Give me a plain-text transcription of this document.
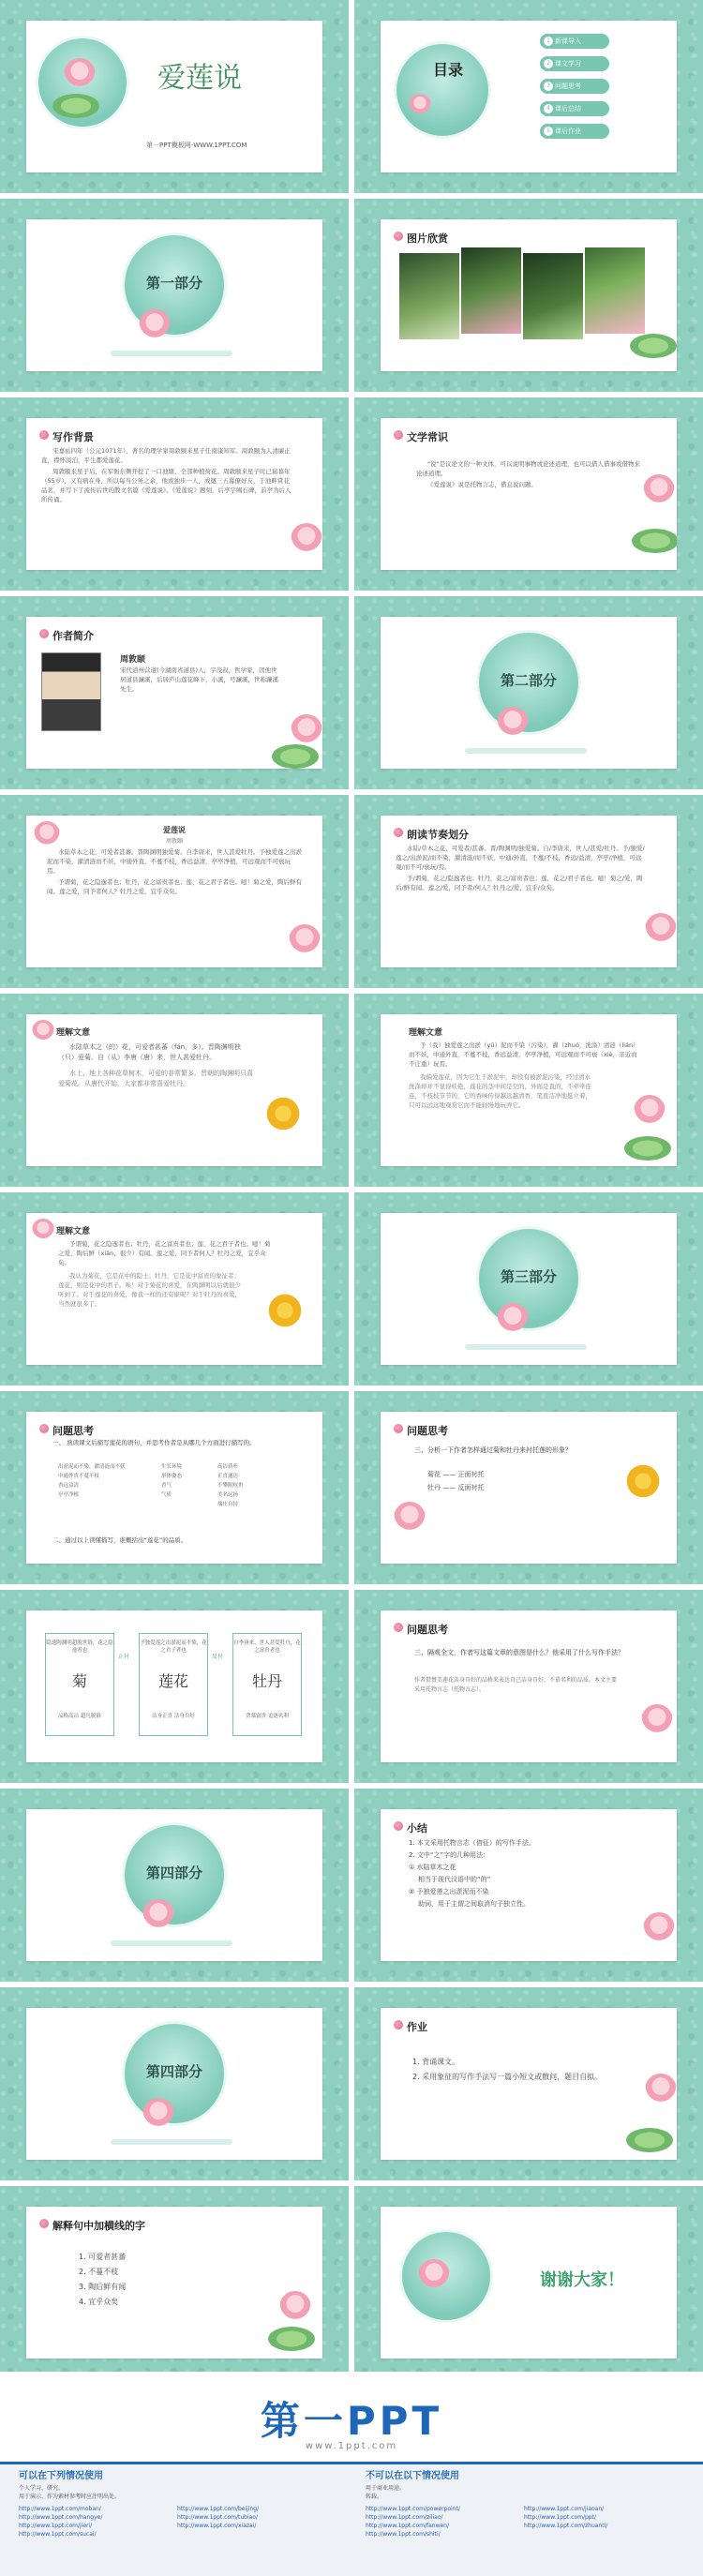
爱莲说
第一PPT模板网-WWW.1PPT.COM
目录
1 新课导入
2 课文学习
3 问题思考
4 课后总结
5 课后作业
第一部分
图片欣赏
写作背景

宋嘉祐四年（公元1071年），著名的理学家周敦颐来星子任南康知军。周敦颐为人清廉正直，襟怀淡泊，平生都爱莲花。

周敦颐来星子后，在军衙东侧开挖了一口池塘，全部种植荷花。周敦颐来星子时已届暮年（55岁），又有病在身，所以每当公务之余，他或独步一人，或邀三五幕僚好友，于池畔赏花品茗，并写下了流传后世的散文名篇《爱莲说》。《爱莲说》题刻，后亭字阙石碑，前亭为后人所传诵。

文学常识

"说"是议论文的一种文体，可以说明事物或论述道理，也可以借人借事或借物来论述道理。

《爱莲说》说是托物言志，借息说问题。

作者简介
周敦颐
宋代道州营道(今湖南省道县)人，字茂叔，哲学家，因他世居道县濂溪，后居庐山莲花峰下，小溪，号濂溪，世称濂溪先生。	第二部分
爱莲说
周敦颐

水陆草木之花，可爱者甚蕃。晋陶渊明独爱菊。自李唐来，世人甚爱牡丹。予独爱莲之出淤泥而不染，濯清涟而不妖，中通外直，不蔓不枝，香远益清，亭亭净植，可远观而不可亵玩焉。

予谓菊，花之隐逸者也；牡丹，花之富贵者也；莲，花之君子者也。噫！菊之爱，陶后鲜有闻。莲之爱，同予者何人？牡丹之爱，宜乎众矣。

朗读节奏划分

水陆/草木之花，可爱者/甚蕃。晋/陶渊明/独爱菊。自/李唐来，世人/甚爱/牡丹。予/独爱/莲之/出淤泥/而不染，濯清涟/而不妖，中通/外直，不蔓/不枝，香远/益清，亭亭/净植，可远观/而不可/亵玩/焉。

予/谓菊，花之/隐逸者也；牡丹，花之/富贵者也；莲，花之/君子者也。噫！菊之/爱，陶后/鲜有闻。莲之/爱，同予者/何人？牡丹之/爱，宜乎/众矣。

理解文意

水陆草木之（的）花，可爱者甚蕃（fán，多）。晋陶渊明独（只）爱菊。自（从）李唐（唐）来，世人甚爱牡丹。

水上、地上各种花草树木，可爱的非常繁多。晋朝的陶渊明只喜爱菊花。从唐代开始，大家都非常喜爱牡丹。

理解文意

予（我）独爱莲之出淤（yū）泥而不染（污染），濯（zhuó，洗涤）清涟（lián）而不妖，中通外直，不蔓不枝，香远益清，亭亭净植，可远观而不可亵（xiè，亲近而不庄重）玩焉。

我偏爱莲花，因为它生于淤泥中，却没有被淤泥污染，经过清水洗涤却并不显得妖艳，莲花的茎中间是空的，外面是直的，不牵牵连连，不枝枝节节的，它的香味传得越远越清香，笔直洁净地挺立着，只可以远远地观赏它而不能轻慢地玩弄它。

理解文意

予谓菊，花之隐逸者也；牡丹，花之富贵者也；莲，花之君子者也。噫！菊之爱，陶后鲜（xiǎn，很少）有闻。莲之爱，同予者何人？牡丹之爱，宜乎众矣。

我认为菊花，它是花中的隐士；牡丹，它是花中富贵的象征者；莲花，则是花中的君子。唉！对于菊花的喜爱，在陶渊明以后就很少听到了。对于莲花的喜爱，像我一样的还有谁呢？对于牡丹的喜爱，当然就很多了。

第三部分
问题思考
一、 熟读课文后描写莲花的语句，并思考作者是从哪几个方面进行描写的。
出淤泥而不染，濯清涟而不妖	生长环境	高洁质朴
中通外直不蔓不枝	形体姿态	正直通达
香远益清	香气	不攀附权贵
亭亭净植	气质	美名远扬
端庄自持
二、通过以上读懂描写，谁概括出“莲花”的品质。
问题思考
三、分析一下作者怎样通过菊和牡丹来衬托莲的形象？
菊花 —— 正面衬托
牡丹 —— 反面衬托
隐逸陶渊明超脱世俗，花之隐逸者也
菊
品格高洁 超凡脱俗
正衬
予独爱莲之出淤泥而不染，花之君子者也
莲花
洁身正直 洁身自好
反衬
自李唐来，世人甚爱牡丹，花之富贵者也
牡丹
贪慕富贵 追逐名利
问题思考
三、隔观全文，作者写这篇文章的意图是什么？他采用了什么写作手法？
作者借赞美莲花洁身自好的品格来表达自己洁身自好，不慕名利的品质。本文主要采用托物言志（托物言志）。
第四部分
小结
1. 本文采用托物言志（借征）的写作手法。
2. 文中“之”字的几种用法：
① 水陆草木之花
相当于现代汉语中的“的”
② 予独爱莲之出淤泥而不染
助词，用于主谓之间取消句子独立性。
第四部分
作业
1. 背诵课文。
2. 采用象征的写作手法写一篇小短文或散问，题目自拟。
解释句中加横线的字
1. 可爱者甚蕃
2. 不蔓不枝
3. 陶后鲜有闻
4. 宜乎众矣
谢谢大家！
第一PPT
www.1ppt.com
可以在下列情况使用
个人学习、研究。
用于演示、作为素材参考时应注明出处。
http://www.1ppt.com/moban/
http://www.1ppt.com/hangye/
http://www.1ppt.com/jieri/
http://www.1ppt.com/sucai/
http://www.1ppt.com/beijing/
http://www.1ppt.com/tubiao/
http://www.1ppt.com/xiazai/
不可以在以下情况使用
用于商业用途。
转载。
http://www.1ppt.com/powerpoint/
http://www.1ppt.com/ziliao/
http://www.1ppt.com/fanwen/
http://www.1ppt.com/shiti/
http://www.1ppt.com/jiaoan/
http://www.1ppt.com/ppt/
http://www.1ppt.com/zhuanti/
